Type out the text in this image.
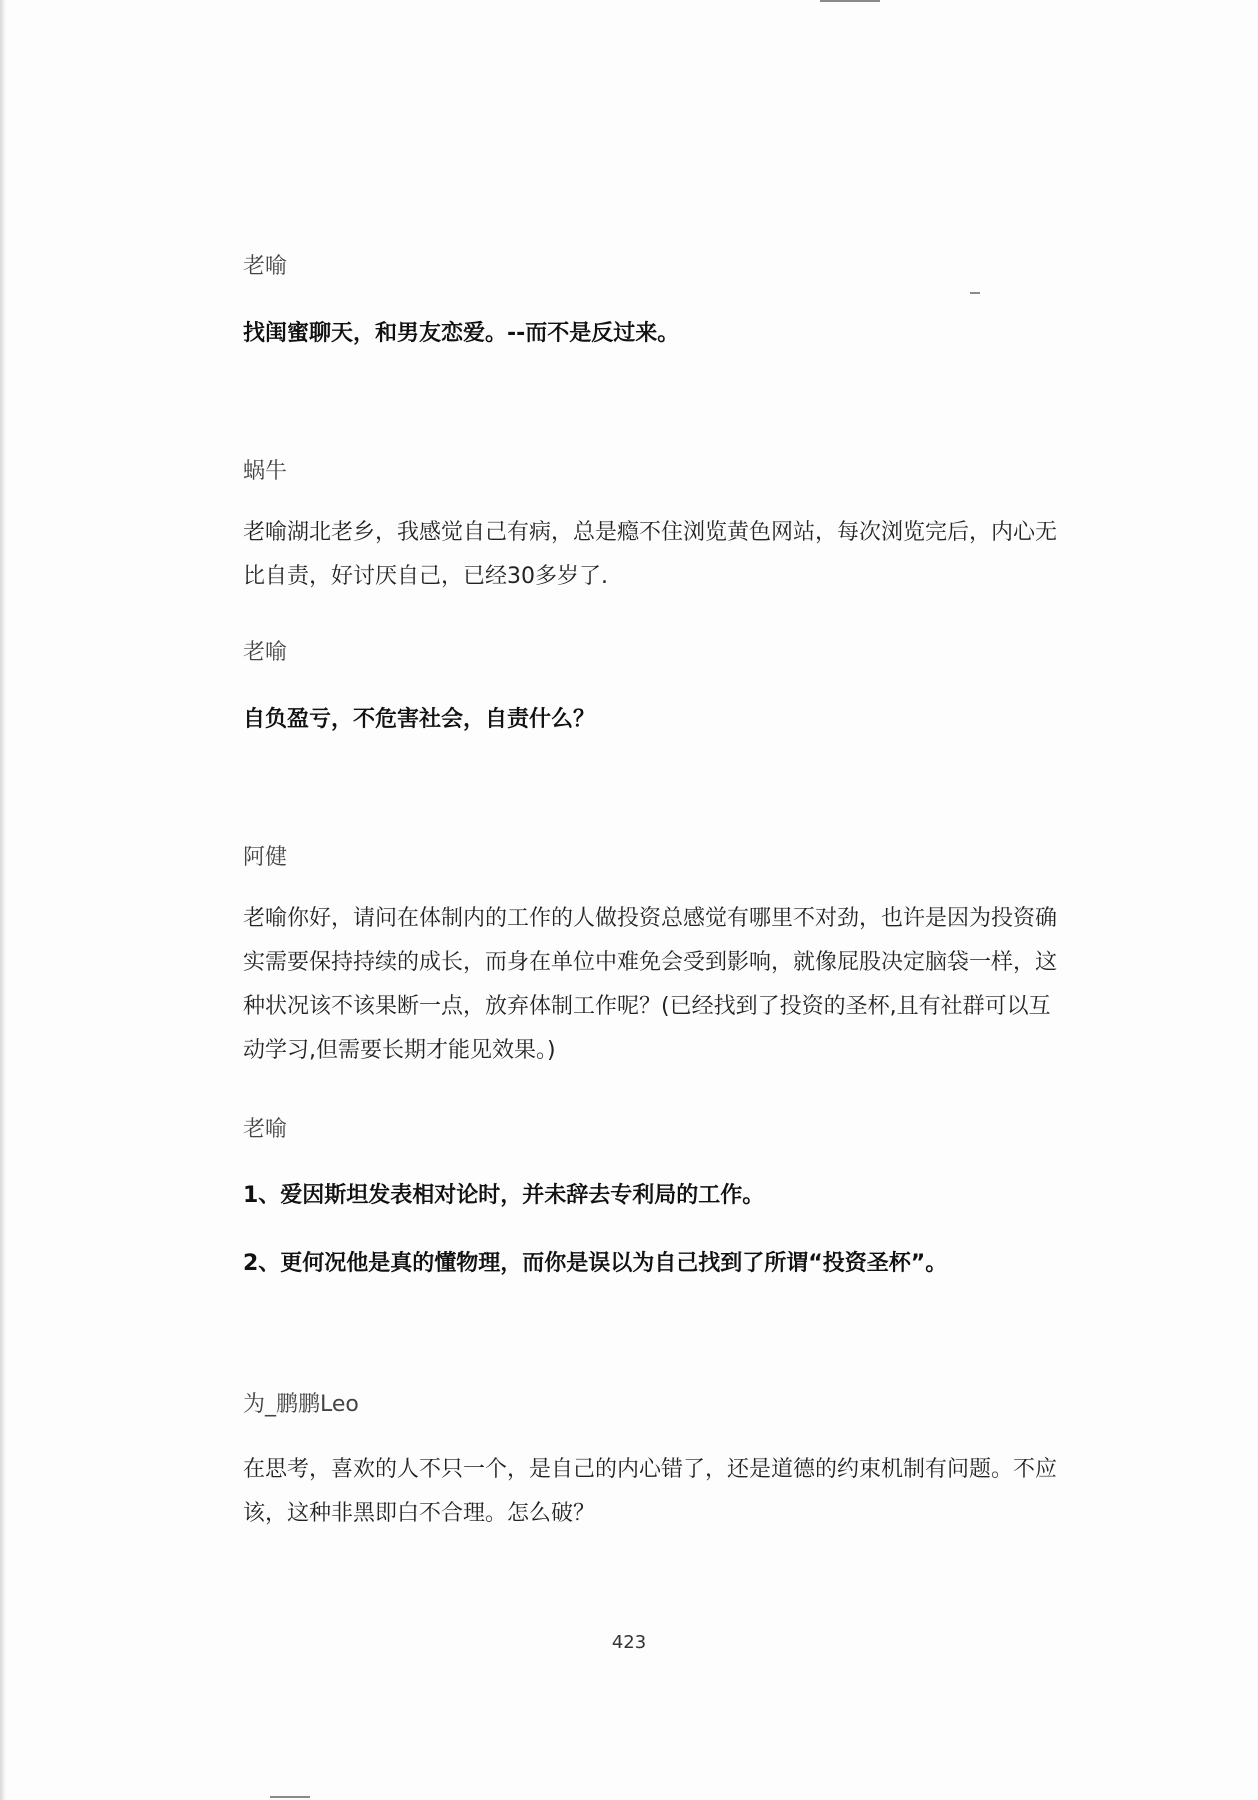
老喻
找闺蜜聊天，和男友恋爱。--而不是反过来。
蜗牛
老喻湖北老乡，我感觉自己有病，总是瘾不住浏览黄色网站，每次浏览完后，内心无比自责，好讨厌自己，已经30多岁了.
老喻
自负盈亏，不危害社会，自责什么？
阿健
老喻你好，请问在体制内的工作的人做投资总感觉有哪里不对劲，也许是因为投资确实需要保持持续的成长，而身在单位中难免会受到影响，就像屁股决定脑袋一样，这种状况该不该果断一点，放弃体制工作呢？(已经找到了投资的圣杯,且有社群可以互动学习,但需要长期才能见效果。)
老喻
1、爱因斯坦发表相对论时，并未辞去专利局的工作。
2、更何况他是真的懂物理，而你是误以为自己找到了所谓“投资圣杯”。
为_鹏鹏Leo
在思考，喜欢的人不只一个，是自己的内心错了，还是道德的约束机制有问题。不应该，这种非黑即白不合理。怎么破？
423
